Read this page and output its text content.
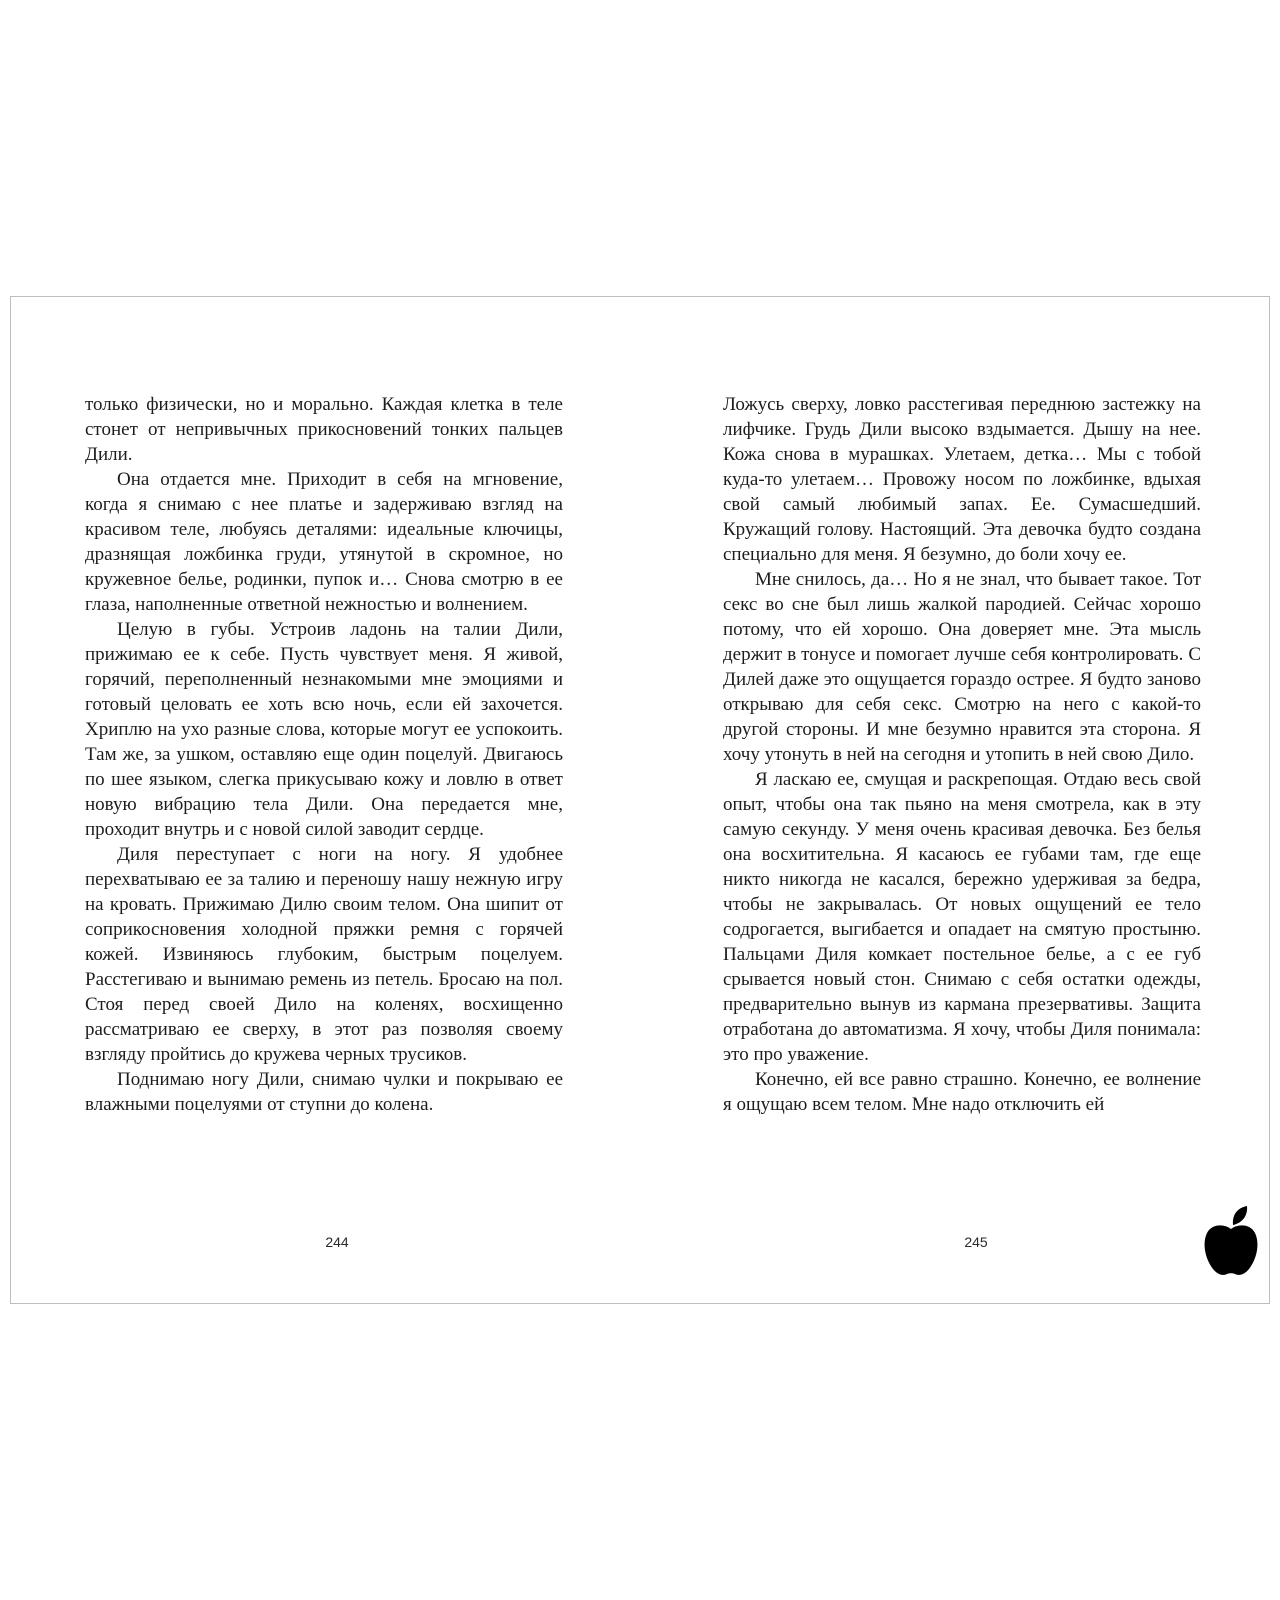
только физически, но и морально. Каждая клетка в теле стонет от непривычных прикосновений тонких пальцев Дили.

Она отдается мне. Приходит в себя на мгновение, когда я снимаю с нее платье и задерживаю взгляд на красивом теле, любуясь деталями: идеальные ключицы, дразнящая ложбинка груди, утянутой в скромное, но кружевное белье, родинки, пупок и… Снова смотрю в ее глаза, наполненные ответной нежностью и волнением.

Целую в губы. Устроив ладонь на талии Дили, прижимаю ее к себе. Пусть чувствует меня. Я живой, горячий, переполненный незнакомыми мне эмоциями и готовый целовать ее хоть всю ночь, если ей захочется. Хриплю на ухо разные слова, которые могут ее успокоить. Там же, за ушком, оставляю еще один поцелуй. Двигаюсь по шее языком, слегка прикусываю кожу и ловлю в ответ новую вибрацию тела Дили. Она передается мне, проходит внутрь и с новой силой заводит сердце.

Диля переступает с ноги на ногу. Я удобнее перехватываю ее за талию и переношу нашу нежную игру на кровать. Прижимаю Дилю своим телом. Она шипит от соприкосновения холодной пряжки ремня с горячей кожей. Извиняюсь глубоким, быстрым поцелуем. Расстегиваю и вынимаю ремень из петель. Бросаю на пол. Стоя перед своей Дило на коленях, восхищенно рассматриваю ее сверху, в этот раз позволяя своему взгляду пройтись до кружева черных трусиков.

Поднимаю ногу Дили, снимаю чулки и покрываю ее влажными поцелуями от ступни до колена.

Ложусь сверху, ловко расстегивая переднюю застежку на лифчике. Грудь Дили высоко вздымается. Дышу на нее. Кожа снова в мурашках. Улетаем, детка… Мы с тобой куда-то улетаем… Провожу носом по ложбинке, вдыхая свой самый любимый запах. Ее. Сумасшедший. Кружащий голову. Настоящий. Эта девочка будто создана специально для меня. Я безумно, до боли хочу ее.

Мне снилось, да… Но я не знал, что бывает такое. Тот секс во сне был лишь жалкой пародией. Сейчас хорошо потому, что ей хорошо. Она доверяет мне. Эта мысль держит в тонусе и помогает лучше себя контролировать. С Дилей даже это ощущается гораздо острее. Я будто заново открываю для себя секс. Смотрю на него с какой-то другой стороны. И мне безумно нравится эта сторона. Я хочу утонуть в ней на сегодня и утопить в ней свою Дило.

Я ласкаю ее, смущая и раскрепощая. Отдаю весь свой опыт, чтобы она так пьяно на меня смотрела, как в эту самую секунду. У меня очень красивая девочка. Без белья она восхитительна. Я касаюсь ее губами там, где еще никто никогда не касался, бережно удерживая за бедра, чтобы не закрывалась. От новых ощущений ее тело содрогается, выгибается и опадает на смятую простыню. Пальцами Диля комкает постельное белье, а с ее губ срывается новый стон. Снимаю с себя остатки одежды, предварительно вынув из кармана презервативы. Защита отработана до автоматизма. Я хочу, чтобы Диля понимала: это про уважение.

Конечно, ей все равно страшно. Конечно, ее волнение я ощущаю всем телом. Мне надо отключить ей

244	245
